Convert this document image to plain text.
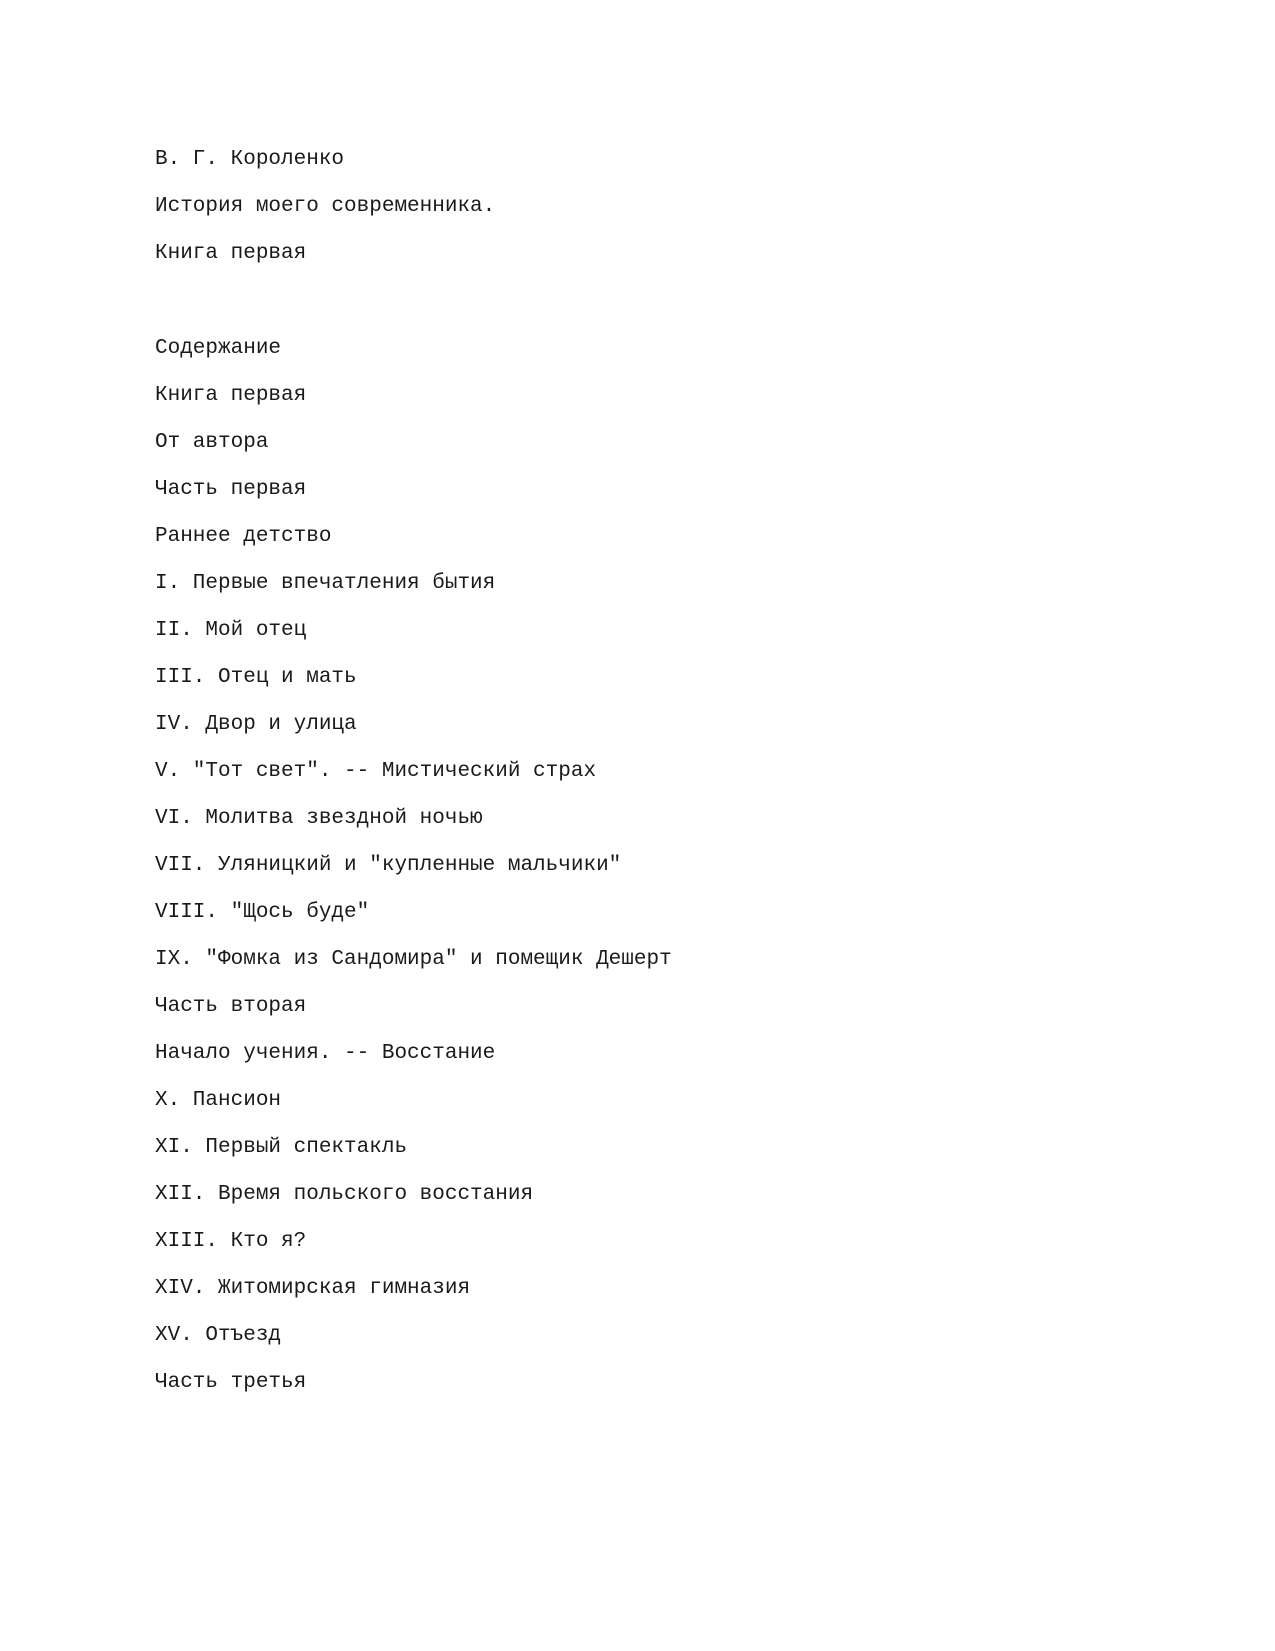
В. Г. Короленко

История моего современника.

Книга первая

Содержание

Книга первая

От автора

Часть первая

Раннее детство

I. Первые впечатления бытия

II. Мой отец

III. Отец и мать

IV. Двор и улица

V. "Тот свет". -- Мистический страх

VI. Молитва звездной ночью

VII. Уляницкий и "купленные мальчики"

VIII. "Щось буде"

IX. "Фомка из Сандомира" и помещик Дешерт

Часть вторая

Начало учения. -- Восстание

X. Пансион

XI. Первый спектакль

XII. Время польского восстания

XIII. Кто я?

XIV. Житомирская гимназия

XV. Отъезд

Часть третья
